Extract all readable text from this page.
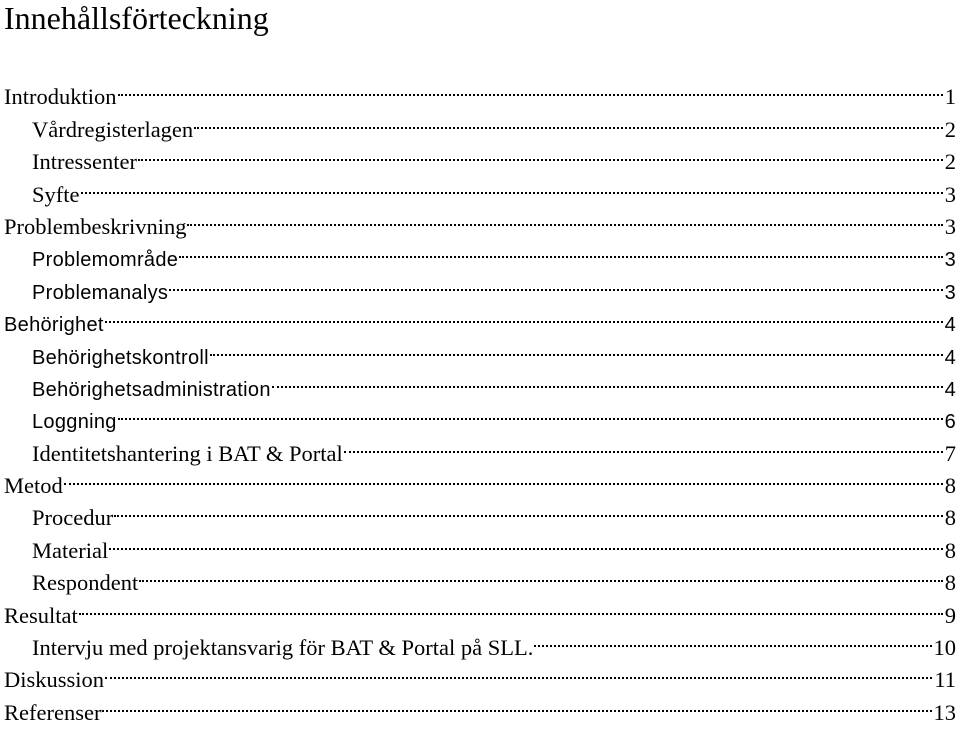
Innehållsförteckning
Introduktion	1
Vårdregisterlagen	2
Intressenter	2
Syfte	3
Problembeskrivning	3
Problemområde	3
Problemanalys	3
Behörighet	4
Behörighetskontroll	4
Behörighetsadministration	4
Loggning	6
Identitetshantering i BAT & Portal	7
Metod	8
Procedur	8
Material	8
Respondent	8
Resultat	9
Intervju med projektansvarig för BAT & Portal på SLL.	10
Diskussion	11
Referenser	13
